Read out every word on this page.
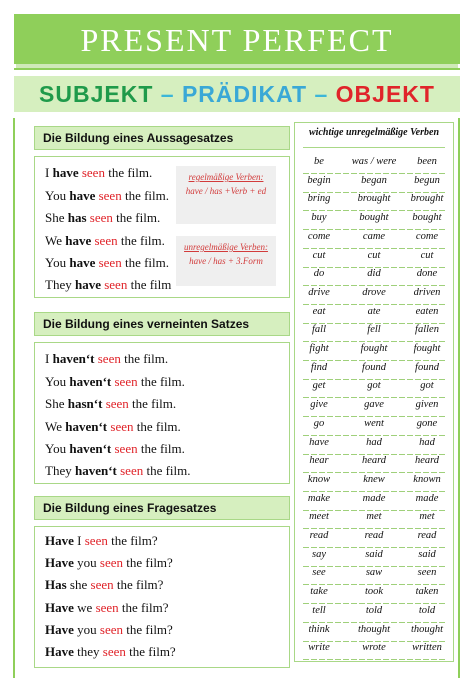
PRESENT PERFECT
SUBJEKT – PRÄDIKAT – OBJEKT
Die Bildung eines Aussagesatzes
I have seen the film.
You have seen the film.
She has seen the film.
We have seen the film.
You have seen the film.
They have seen the film
regelmäßige Verben:
have / has +Verb + ed
unregelmäßige Verben:
have / has + 3.Form
Die Bildung eines verneinten Satzes
I haven‘t seen the film.
You haven‘t seen the film.
She hasn‘t seen the film.
We haven‘t seen the film.
You haven‘t seen the film.
They haven‘t seen the film.
Die Bildung eines Fragesatzes
Have I seen the film?
Have you seen the film?
Has she seen the film?
Have we seen the film?
Have you seen the film?
Have they seen the film?
wichtige unregelmäßige Verben
be	was / were	been
begin	began	begun
bring	brought	brought
buy	bought	bought
come	came	come
cut	cut	cut
do	did	done
drive	drove	driven
eat	ate	eaten
fall	fell	fallen
fight	fought	fought
find	found	found
get	got	got
give	gave	given
go	went	gone
have	had	had
hear	heard	heard
know	knew	known
make	made	made
meet	met	met
read	read	read
say	said	said
see	saw	seen
take	took	taken
tell	told	told
think	thought	thought
write	wrote	written
